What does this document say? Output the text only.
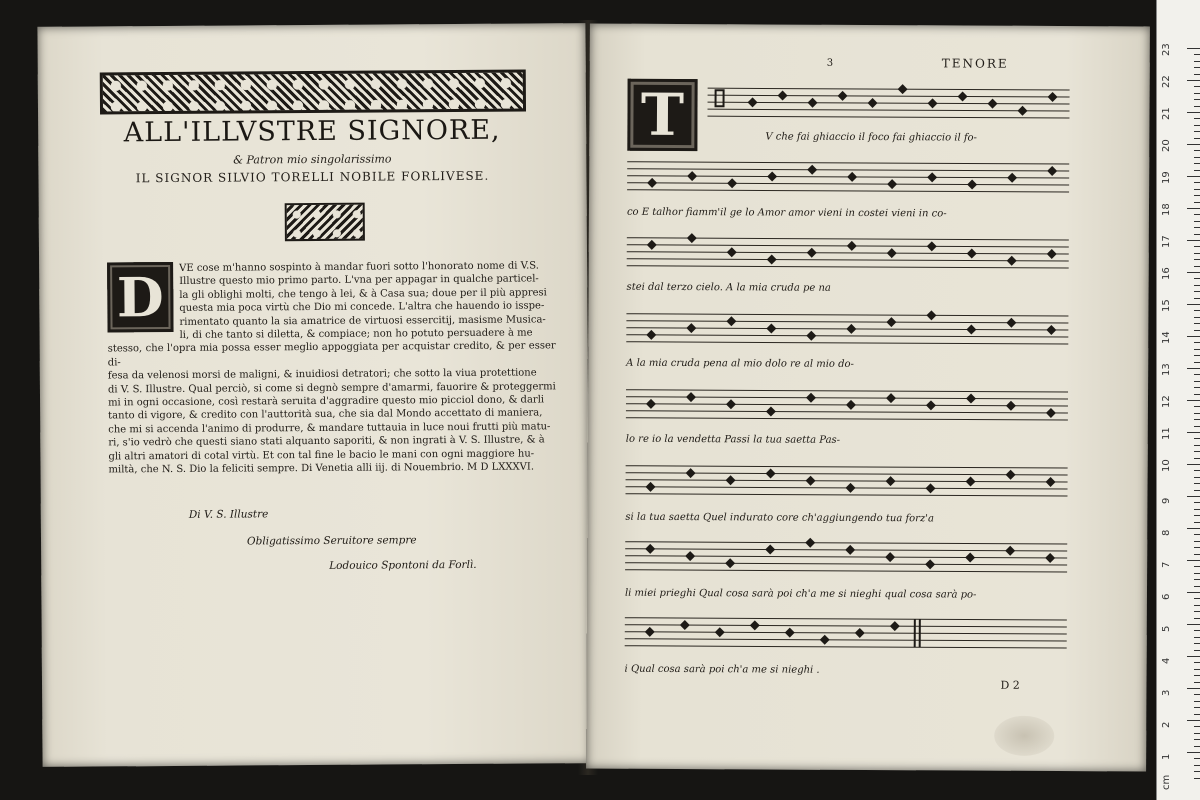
ALL'ILLVSTRE SIGNORE,
& Patron mio singolarissimo
IL SIGNOR SILVIO TORELLI NOBILE FORLIVESE.
D	VE cose m'hanno sospinto à mandar fuori sotto l'honorato nome di V.S.

Illustre questo mio primo parto. L'vna per appagar in qualche particel-

la gli oblighi molti, che tengo à lei, & à Casa sua; doue per il più appresi

questa mia poca virtù che Dio mi concede. L'altra che hauendo io isspe-

rimentato quanto la sia amatrice de virtuosi essercitij, masisme Musica-

li, di che tanto si diletta, & compiace; non ho potuto persuadere à me

stesso, che l'opra mia possa esser meglio appoggiata per acquistar credito, & per esser di-

fesa da velenosi morsi de maligni, & inuidiosi detratori; che sotto la viua protettione

di V. S. Illustre. Qual perciò, si come si degnò sempre d'amarmi, fauorire & proteggermi

mi in ogni occasione, così restarà seruita d'aggradire questo mio picciol dono, & darli

tanto di vigore, & credito con l'auttorità sua, che sia dal Mondo accettato di maniera,

che mi si accenda l'animo di produrre, & mandare tuttauia in luce noui frutti più matu-

ri, s'io vedrò che questi siano stati alquanto saporiti, & non ingrati à V. S. Illustre, & à

gli altri amatori di cotal virtù. Et con tal fine le bacio le mani con ogni maggiore hu-

miltà, che N. S. Dio la feliciti sempre. Di Venetia alli iij. di Nouembrio. M D LXXXVI.

Di V. S. Illustre
Obligatissimo Seruitore sempre
Lodouico Spontoni da Forlì.
3	TENORE
T	V che fai ghiaccio il foco fai ghiaccio il fo-
co E talhor fiamm'il ge lo Amor amor vieni in costei vieni in co-
stei dal terzo cielo. A la mia cruda pe na
A la mia cruda pena al mio dolo re al mio do-
lo re io la vendetta Passi la tua saetta Pas-
si la tua saetta Quel indurato core ch'aggiungendo tua forz'a
li miei prieghi Qual cosa sarà poi ch'a me si nieghi qual cosa sarà po-
i Qual cosa sarà poi ch'a me si nieghi .
D 2
23
22
21
20
19
18
17
16
15
14
13
12
11
10
9
8
7
6
5
4
3
2
1
cm
